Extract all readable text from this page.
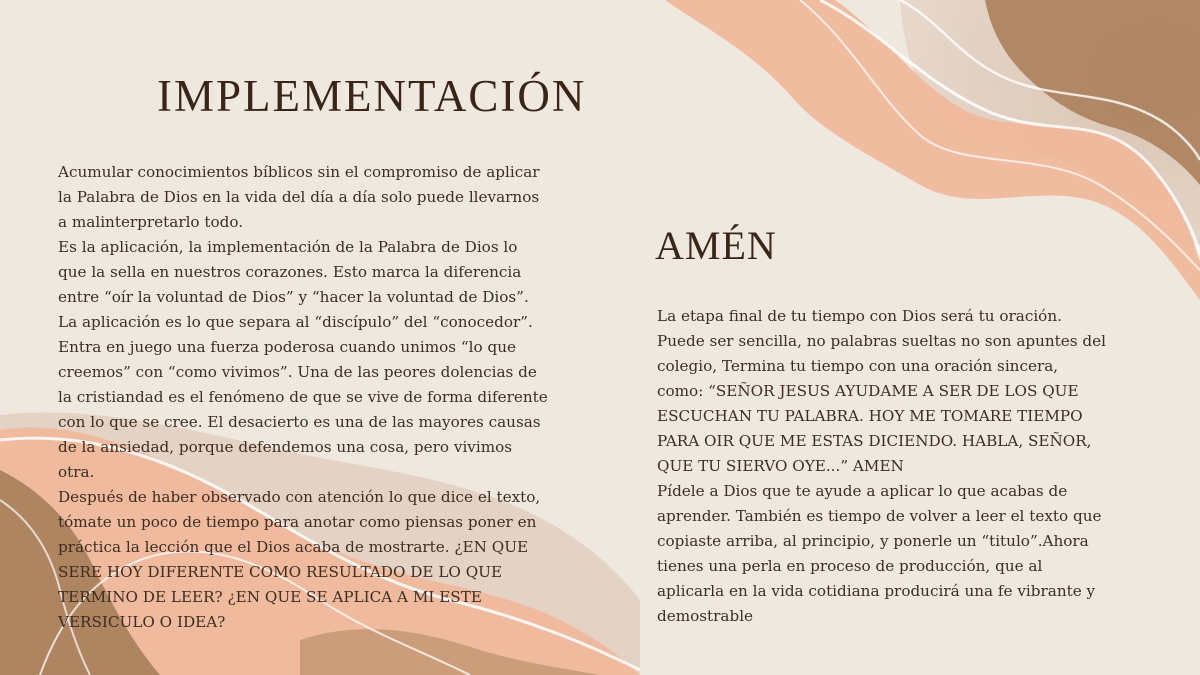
IMPLEMENTACIÓN

Acumular conocimientos bíblicos sin el compromiso de aplicar
la Palabra de Dios en la vida del día a día solo puede llevarnos
a malinterpretarlo todo.
Es la aplicación, la implementación de la Palabra de Dios lo
que la sella en nuestros corazones. Esto marca la diferencia
entre “oír la voluntad de Dios” y “hacer la voluntad de Dios”.
La aplicación es lo que separa al “discípulo” del “conocedor”.
Entra en juego una fuerza poderosa cuando unimos “lo que
creemos” con “como vivimos”. Una de las peores dolencias de
la cristiandad es el fenómeno de que se vive de forma diferente
con lo que se cree. El desacierto es una de las mayores causas
de la ansiedad, porque defendemos una cosa, pero vivimos
otra.
Después de haber observado con atención lo que dice el texto,
tómate un poco de tiempo para anotar como piensas poner en
práctica la lección que el Dios acaba de mostrarte. ¿EN QUE
SERE HOY DIFERENTE COMO RESULTADO DE LO QUE
TERMINO DE LEER? ¿EN QUE SE APLICA A MI ESTE
VERSICULO O IDEA?

AMÉN

La etapa final de tu tiempo con Dios será tu oración.
Puede ser sencilla, no palabras sueltas no son apuntes del
colegio, Termina tu tiempo con una oración sincera,
como: “SEÑOR JESUS AYUDAME A SER DE LOS QUE
ESCUCHAN TU PALABRA. HOY ME TOMARE TIEMPO
PARA OIR QUE ME ESTAS DICIENDO. HABLA, SEÑOR,
QUE TU SIERVO OYE...” AMEN
Pídele a Dios que te ayude a aplicar lo que acabas de
aprender. También es tiempo de volver a leer el texto que
copiaste arriba, al principio, y ponerle un “titulo”.Ahora
tienes una perla en proceso de producción, que al
aplicarla en la vida cotidiana producirá una fe vibrante y
demostrable
